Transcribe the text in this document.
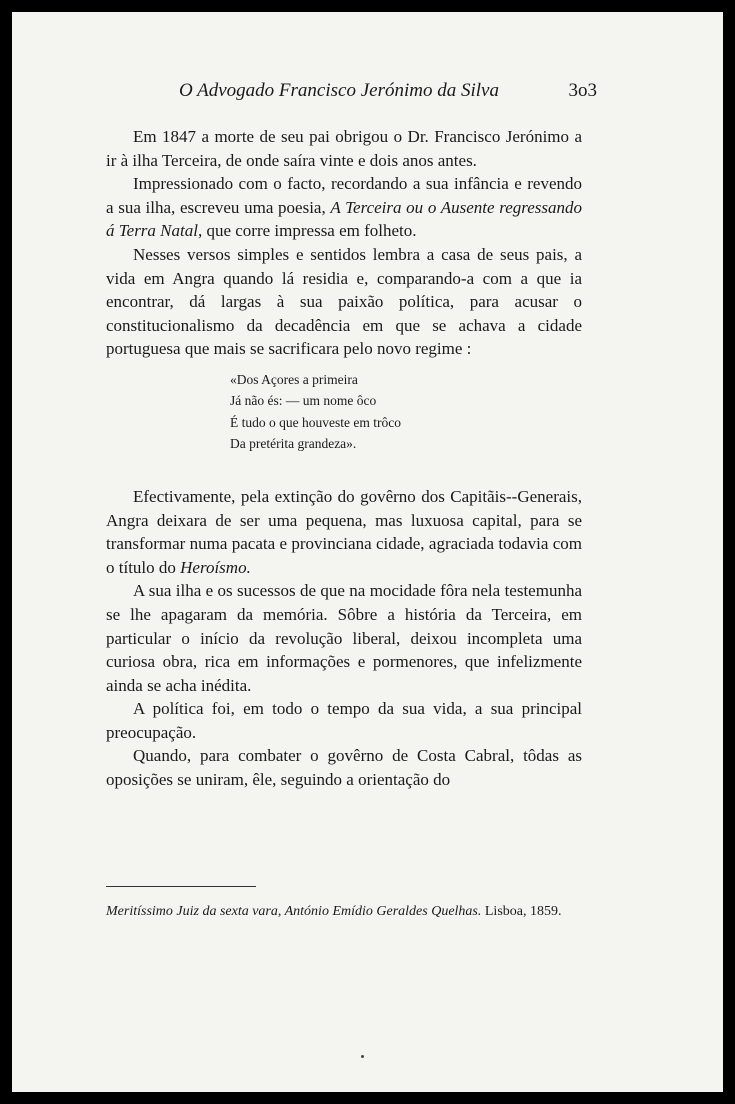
O Advogado Francisco Jerónimo da Silva	3o3

Em 1847 a morte de seu pai obrigou o Dr. Francisco Jerónimo a ir à ilha Terceira, de onde saíra vinte e dois anos antes.

Impressionado com o facto, recordando a sua infância e revendo a sua ilha, escreveu uma poesia, A Terceira ou o Ausente regressando á Terra Natal, que corre impressa em folheto.

Nesses versos simples e sentidos lembra a casa de seus pais, a vida em Angra quando lá residia e, comparando-a com a que ia encontrar, dá largas à sua paixão política, para acusar o constitucionalismo da decadência em que se achava a cidade portuguesa que mais se sacrificara pelo novo regime :

«Dos Açores a primeira
Já não és: — um nome ôco
É tudo o que houveste em trôco
Da pretérita grandeza».

Efectivamente, pela extinção do govêrno dos Capitãis--Generais, Angra deixara de ser uma pequena, mas luxuosa capital, para se transformar numa pacata e provinciana cidade, agraciada todavia com o título do Heroísmo.

A sua ilha e os sucessos de que na mocidade fôra nela testemunha se lhe apagaram da memória. Sôbre a história da Terceira, em particular o início da revolução liberal, deixou incompleta uma curiosa obra, rica em informações e pormenores, que infelizmente ainda se acha inédita.

A política foi, em todo o tempo da sua vida, a sua principal preocupação.

Quando, para combater o govêrno de Costa Cabral, tôdas as oposições se uniram, êle, seguindo a orientação do

Meritíssimo Juiz da sexta vara, António Emídio Geraldes Quelhas. Lisboa, 1859.
